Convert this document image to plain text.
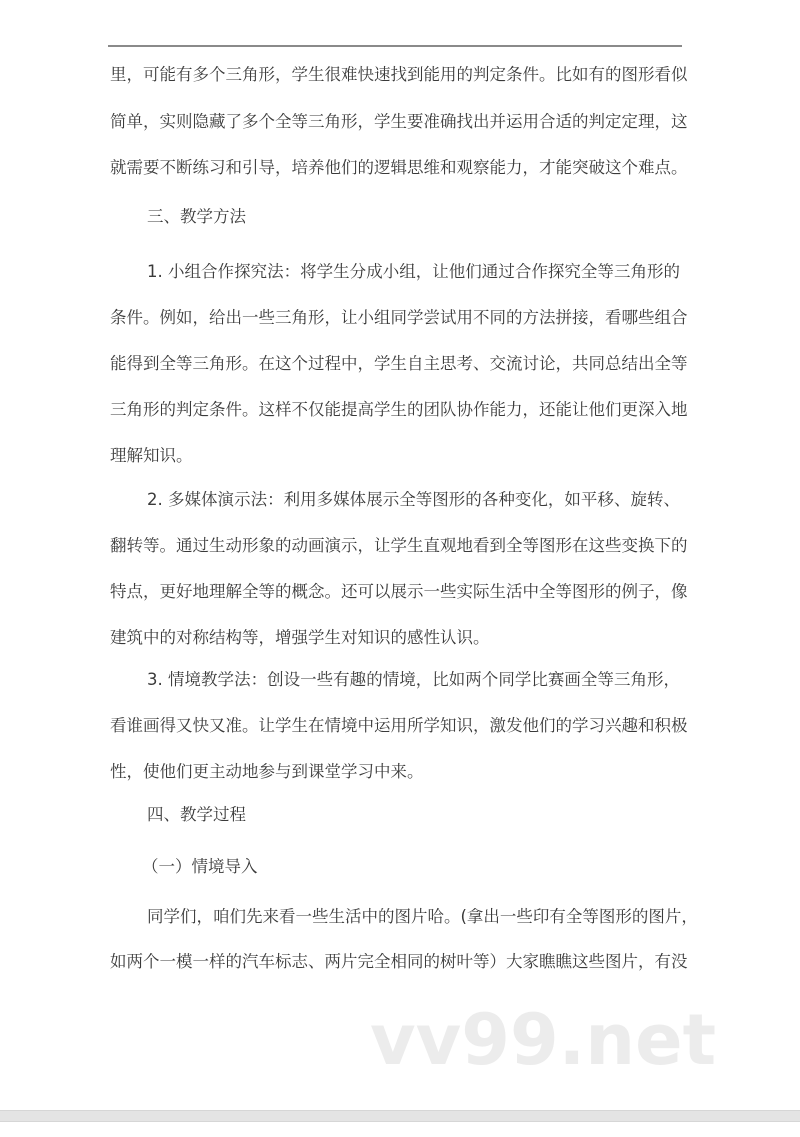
里，可能有多个三角形，学生很难快速找到能用的判定条件。比如有的图形看似
简单，实则隐藏了多个全等三角形，学生要准确找出并运用合适的判定定理，这
就需要不断练习和引导，培养他们的逻辑思维和观察能力，才能突破这个难点。
三、教学方法
1. 小组合作探究法：将学生分成小组，让他们通过合作探究全等三角形的
条件。例如，给出一些三角形，让小组同学尝试用不同的方法拼接，看哪些组合
能得到全等三角形。在这个过程中，学生自主思考、交流讨论，共同总结出全等
三角形的判定条件。这样不仅能提高学生的团队协作能力，还能让他们更深入地
理解知识。
2. 多媒体演示法：利用多媒体展示全等图形的各种变化，如平移、旋转、
翻转等。通过生动形象的动画演示，让学生直观地看到全等图形在这些变换下的
特点，更好地理解全等的概念。还可以展示一些实际生活中全等图形的例子，像
建筑中的对称结构等，增强学生对知识的感性认识。
3. 情境教学法：创设一些有趣的情境，比如两个同学比赛画全等三角形，
看谁画得又快又准。让学生在情境中运用所学知识，激发他们的学习兴趣和积极
性，使他们更主动地参与到课堂学习中来。
四、教学过程
（一）情境导入
同学们，咱们先来看一些生活中的图片哈。(拿出一些印有全等图形的图片，
如两个一模一样的汽车标志、两片完全相同的树叶等）大家瞧瞧这些图片，有没
vv99.net
